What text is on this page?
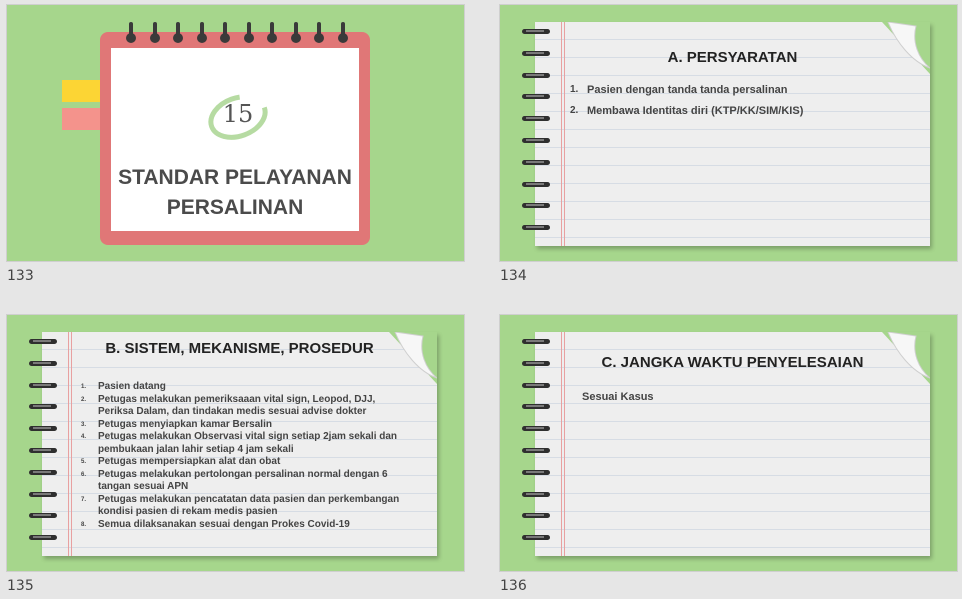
15
STANDAR PELAYANAN
PERSALINAN
133
A. PERSYARATAN
1. Pasien dengan tanda tanda persalinan
2. Membawa Identitas diri (KTP/KK/SIM/KIS)
134
B. SISTEM, MEKANISME, PROSEDUR
1. Pasien datang
2. Petugas melakukan pemeriksaaan vital sign, Leopod, DJJ,
Periksa Dalam, dan tindakan medis sesuai advise dokter
3. Petugas menyiapkan kamar Bersalin
4. Petugas melakukan Observasi vital sign setiap 2jam sekali dan
pembukaan jalan lahir setiap 4 jam sekali
5. Petugas mempersiapkan alat dan obat
6. Petugas melakukan pertolongan persalinan normal dengan 6
tangan sesuai APN
7. Petugas melakukan pencatatan data pasien dan perkembangan
kondisi pasien di rekam medis pasien
8. Semua dilaksanakan sesuai dengan Prokes Covid-19
135
C. JANGKA WAKTU PENYELESAIAN
Sesuai Kasus
136
